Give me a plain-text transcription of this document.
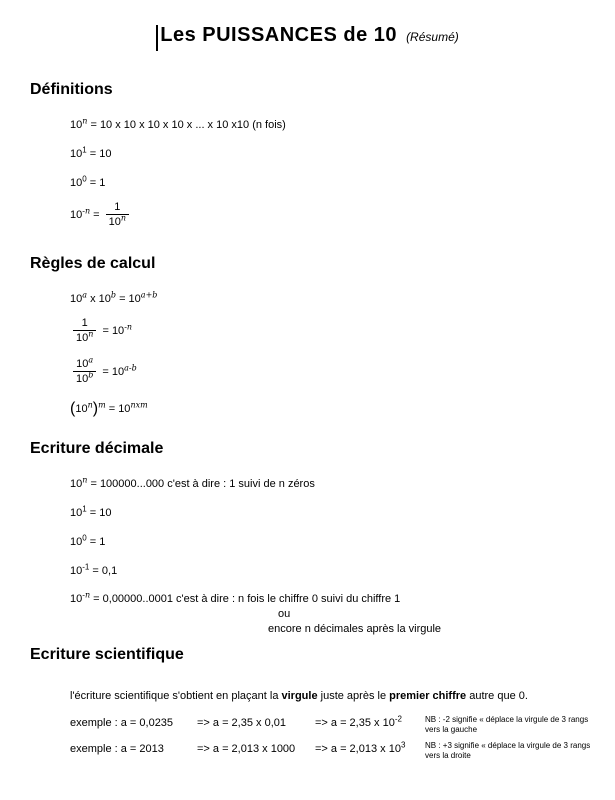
Les PUISSANCES de 10 (Résumé)
Définitions
$10^n = 10$ x 10 x 10 x 10 x ... x 10 x10 (n fois)
$10^1 = 10$
$10^0 = 1$
$10^{-n} = \frac{1}{10^n}$
Règles de calcul
10$^a$ x $10^b = 10^{a+b}$
$\frac{1}{10^n} = 10^{-n}$
$\frac{10^a}{10^b} = 10^{a-b}$
$(10^n)^m = 10^{nxm}$
Ecriture décimale
$10^n = 100000...000$ c'est à dire : 1 suivi de n zéros
$10^1 = 10$
$10^0 = 1$
$10^{-1} = 0,1$
$10^{-n} = 0,00000..0001$ c'est à dire : n fois le chiffre 0 suivi du chiffre 1
ou
encore n décimales après la virgule
Ecriture scientifique
l'écriture scientifique s'obtient en plaçant la virgule juste après le premier chiffre autre que 0.
exemple : a = 0,0235	=> a = 2,35 x 0,01	=> a = 2,35 x $10^{-2}$	NB : -2 signifie « déplace la virgule de 3 rangs vers la gauche
exemple : a = 2013	=> a = 2,013 x 1000	=> a = 2,013 x $10^3$	NB : +3 signifie « déplace la virgule de 3 rangs vers la droite
